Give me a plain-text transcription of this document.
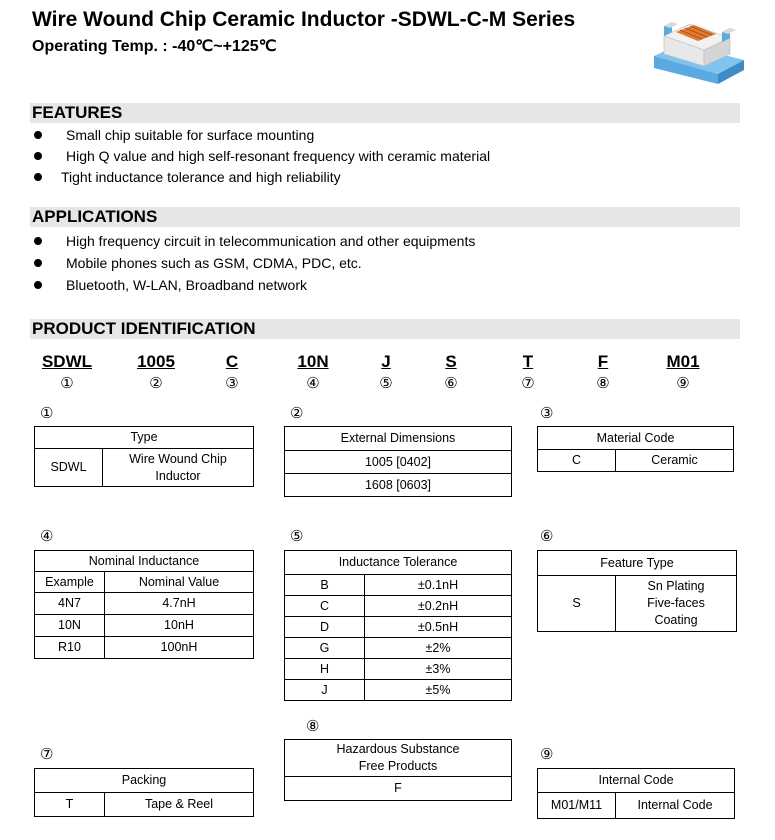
Wire Wound Chip Ceramic Inductor -SDWL-C-M Series
Operating Temp. : -40℃~+125℃
FEATURES
Small chip suitable for surface mounting
High Q value and high self-resonant frequency with ceramic material
Tight inductance tolerance and high reliability
APPLICATIONS
High frequency circuit in telecommunication and other equipments
Mobile phones such as GSM, CDMA, PDC, etc.
Bluetooth, W-LAN, Broadband network
PRODUCT IDENTIFICATION
SDWL	1005	C	10N	J	S	T	F	M01
①	②	③	④	⑤	⑥	⑦	⑧	⑨
①
Type
SDWL	Wire Wound Chip Inductor
②
External Dimensions
1005 [0402]
1608 [0603]
③
Material Code
C	Ceramic
④
Nominal Inductance	
Example	Nominal Value
4N7	4.7nH
10N	10nH
R10	100nH
⑤
Inductance Tolerance	
B	±0.1nH
C	±0.2nH
D	±0.5nH
G	±2%
H	±3%
J	±5%
⑥
Feature Type
S	Sn Plating Five-faces Coating
⑧
Hazardous Substance Free Products
F
⑦
Packing
T	Tape & Reel
⑨
Internal Code
M01/M11	Internal Code
